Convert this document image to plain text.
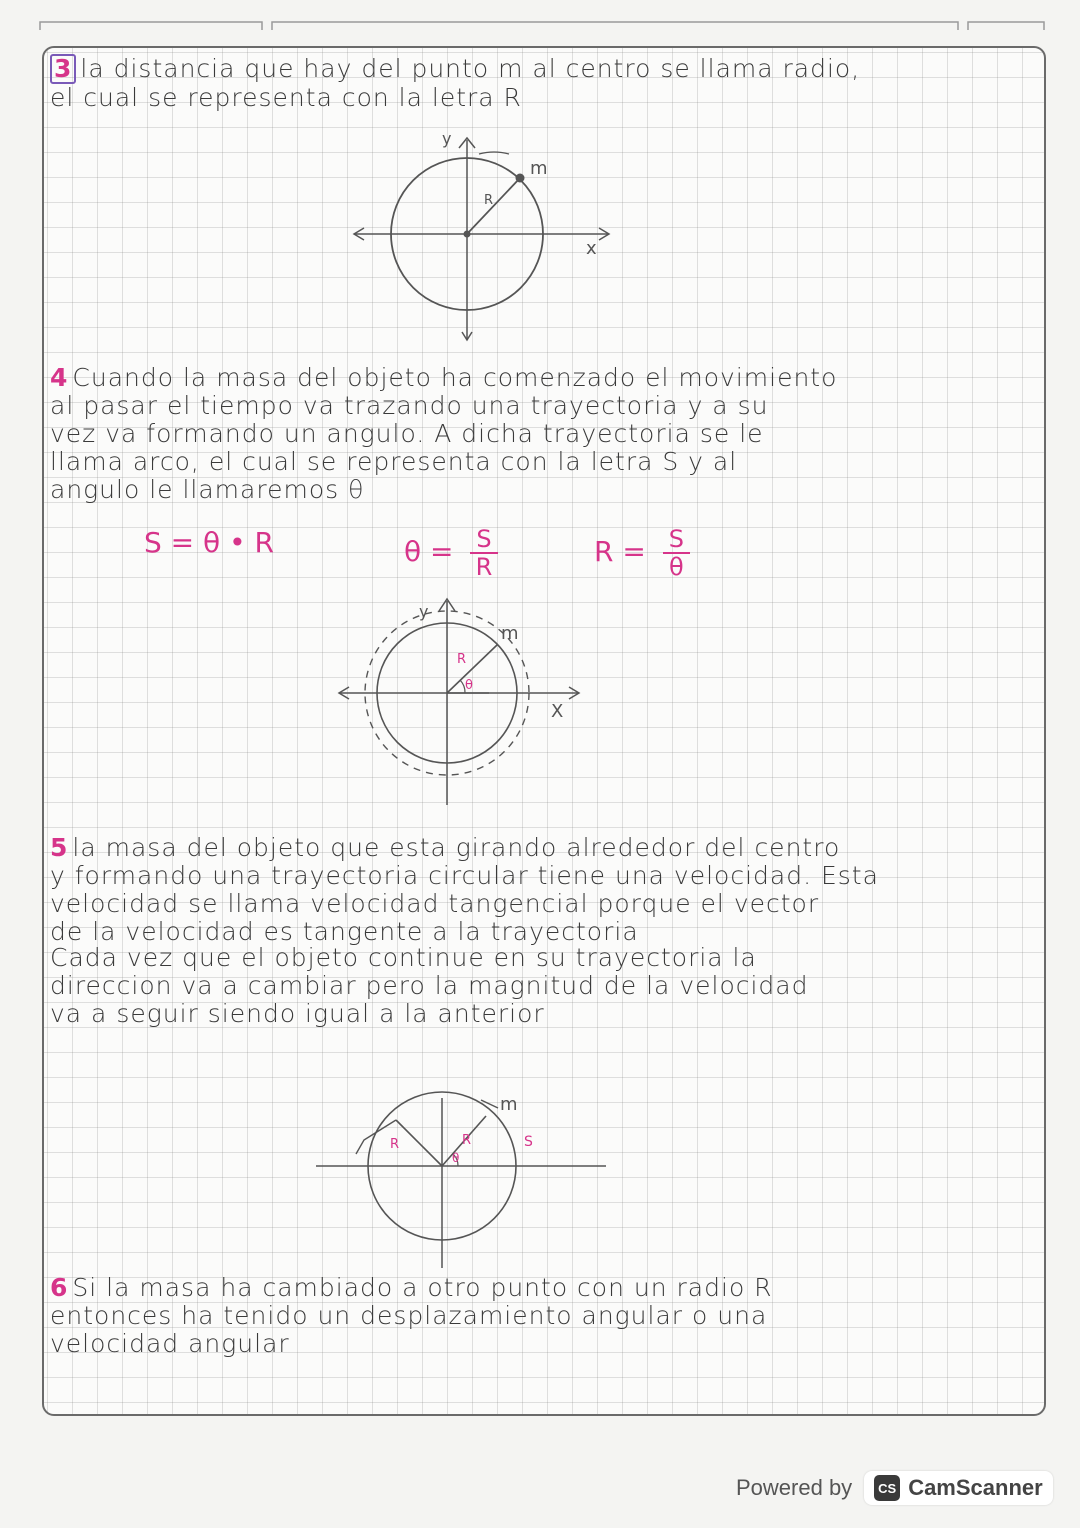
3 la distancia que hay del punto m al centro se llama radio,
el cual se representa con la letra R
y
m
R
x
4 Cuando la masa del objeto ha comenzado el movimiento
al pasar el tiempo va trazando una trayectoria y a su
vez va formando un angulo. A dicha trayectoria se le
llama arco, el cual se representa con la letra S y al
angulo le llamaremos θ
S = θ • R	$\theta = \frac{S}{R}$	$R = \frac{S}{\theta}$
y
m
R
θ
X
5 la masa del objeto que esta girando alrededor del centro
y formando una trayectoria circular tiene una velocidad. Esta
velocidad se llama velocidad tangencial porque el vector
de la velocidad es tangente a la trayectoria
Cada vez que el objeto continue en su trayectoria la
direccion va a cambiar pero la magnitud de la velocidad
va a seguir siendo igual a la anterior
m
S
R	R
θ
6 Si la masa ha cambiado a otro punto con un radio R
entonces ha tenido un desplazamiento angular o una
velocidad angular
Powered by	CS CamScanner
